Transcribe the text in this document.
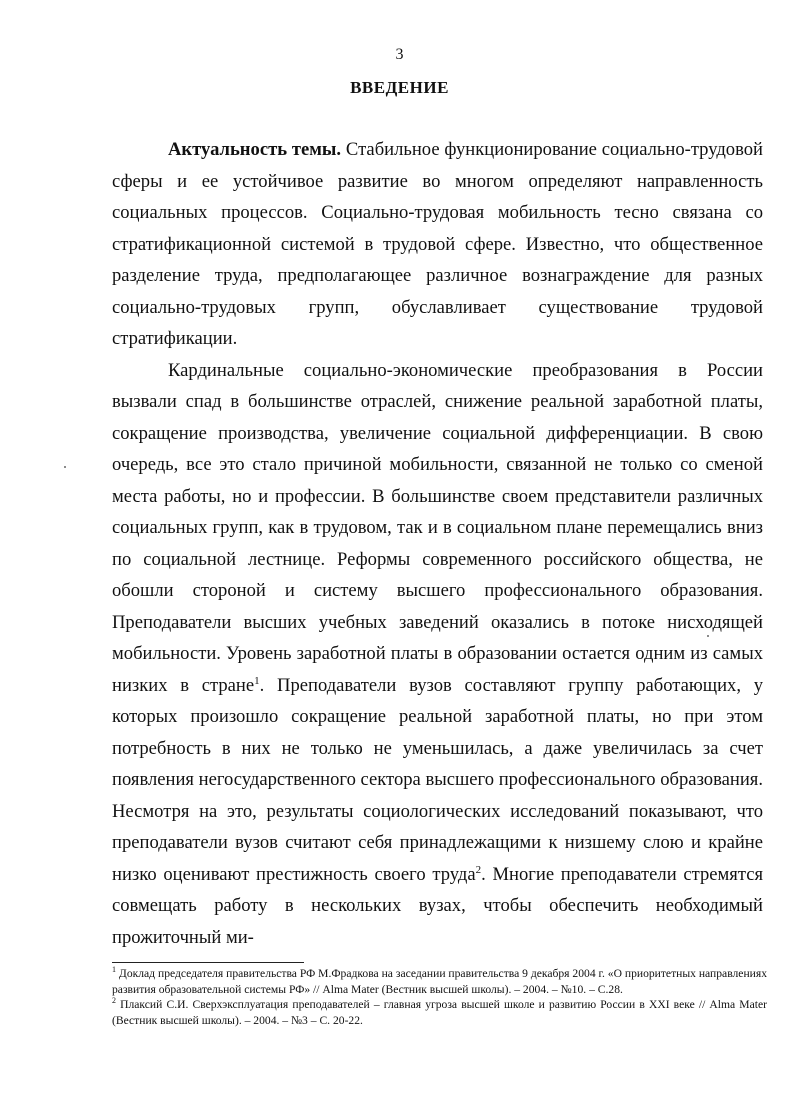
3
ВВЕДЕНИЕ

Актуальность темы. Стабильное функционирование социально-трудовой сферы и ее устойчивое развитие во многом определяют направленность социальных процессов. Социально-трудовая мобильность тесно связана со стратификационной системой в трудовой сфере. Известно, что общественное разделение труда, предполагающее различное вознаграждение для разных социально-трудовых групп, обуславливает существование трудовой стратификации.

Кардинальные социально-экономические преобразования в России вызвали спад в большинстве отраслей, снижение реальной заработной платы, сокращение производства, увеличение социальной дифференциации. В свою очередь, все это стало причиной мобильности, связанной не только со сменой места работы, но и профессии. В большинстве своем представители различных социальных групп, как в трудовом, так и в социальном плане перемещались вниз по социальной лестнице. Реформы современного российского общества, не обошли стороной и систему высшего профессионального образования. Преподаватели высших учебных заведений оказались в потоке нисходящей мобильности. Уровень заработной платы в образовании остается одним из самых низких в стране$^1$. Преподаватели вузов составляют группу работающих, у которых произошло сокращение реальной заработной платы, но при этом потребность в них не только не уменьшилась, а даже увеличилась за счет появления негосударственного сектора высшего профессионального образования. Несмотря на это, результаты социологических исследований показывают, что преподаватели вузов считают себя принадлежащими к низшему слою и крайне низко оценивают престижность своего труда$^2$. Многие преподаватели стремятся совмещать работу в нескольких вузах, чтобы обеспечить необходимый прожиточный ми-

$^1$ Доклад председателя правительства РФ М.Фрадкова на заседании правительства 9 декабря 2004 г. «О приоритетных направлениях развития образовательной системы РФ» // Alma Mater (Вестник высшей школы). – 2004. – №10. – С.28.

$^2$ Плаксий С.И. Сверхэксплуатация преподавателей – главная угроза высшей школе и развитию России в XXI веке // Alma Mater (Вестник высшей школы). – 2004. – №3 – С. 20-22.
